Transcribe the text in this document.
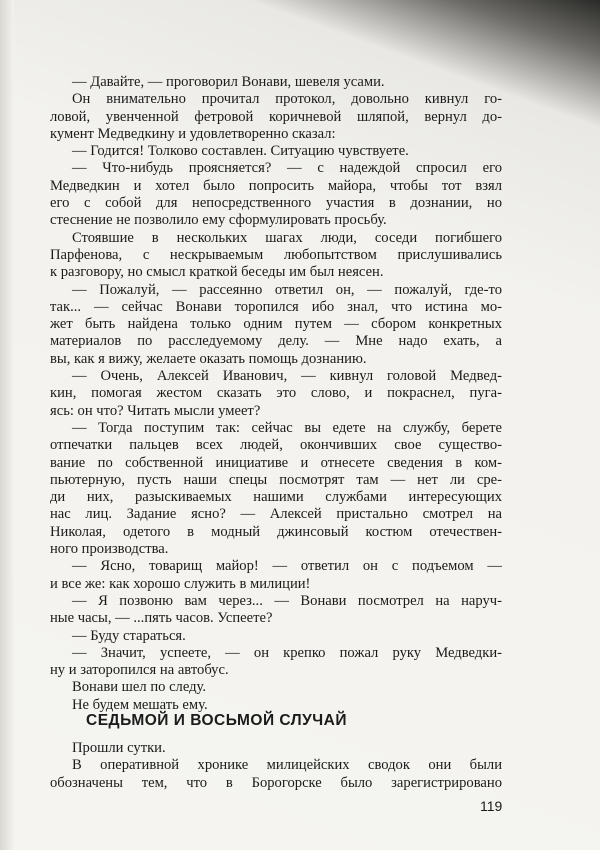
— Давайте, — проговорил Вонави, шевеля усами.
Он внимательно прочитал протокол, довольно кивнул го-
ловой, увенченной фетровой коричневой шляпой, вернул до-
кумент Медведкину и удовлетворенно сказал:
— Годится! Толково составлен. Ситуацию чувствуете.
— Что-нибудь проясняется? — с надеждой спросил его
Медведкин и хотел было попросить майора, чтобы тот взял
его с собой для непосредственного участия в дознании, но
стеснение не позволило ему сформулировать просьбу.
Стоявшие в нескольких шагах люди, соседи погибшего
Парфенова, с нескрываемым любопытством прислушивались
к разговору, но смысл краткой беседы им был неясен.
— Пожалуй, — рассеянно ответил он, — пожалуй, где-то
так... — сейчас Вонави торопился ибо знал, что истина мо-
жет быть найдена только одним путем — сбором конкретных
материалов по расследуемому делу. — Мне надо ехать, а
вы, как я вижу, желаете оказать помощь дознанию.
— Очень, Алексей Иванович, — кивнул головой Медвед-
кин, помогая жестом сказать это слово, и покраснел, пуга-
ясь: он что? Читать мысли умеет?
— Тогда поступим так: сейчас вы едете на службу, берете
отпечатки пальцев всех людей, окончивших свое существо-
вание по собственной инициативе и отнесете сведения в ком-
пьютерную, пусть наши спецы посмотрят там — нет ли сре-
ди них, разыскиваемых нашими службами интересующих
нас лиц. Задание ясно? — Алексей пристально смотрел на
Николая, одетого в модный джинсовый костюм отечествен-
ного производства.
— Ясно, товарищ майор! — ответил он с подъемом —
и все же: как хорошо служить в милиции!
— Я позвоню вам через... — Вонави посмотрел на наруч-
ные часы, — ...пять часов. Успеете?
— Буду стараться.
— Значит, успеете, — он крепко пожал руку Медведки-
ну и заторопился на автобус.
Вонави шел по следу.
Не будем мешать ему.
СЕДЬМОЙ И ВОСЬМОЙ СЛУЧАЙ
Прошли сутки.
В оперативной хронике милицейских сводок они были
обозначены тем, что в Борогорске было зарегистрировано
119
